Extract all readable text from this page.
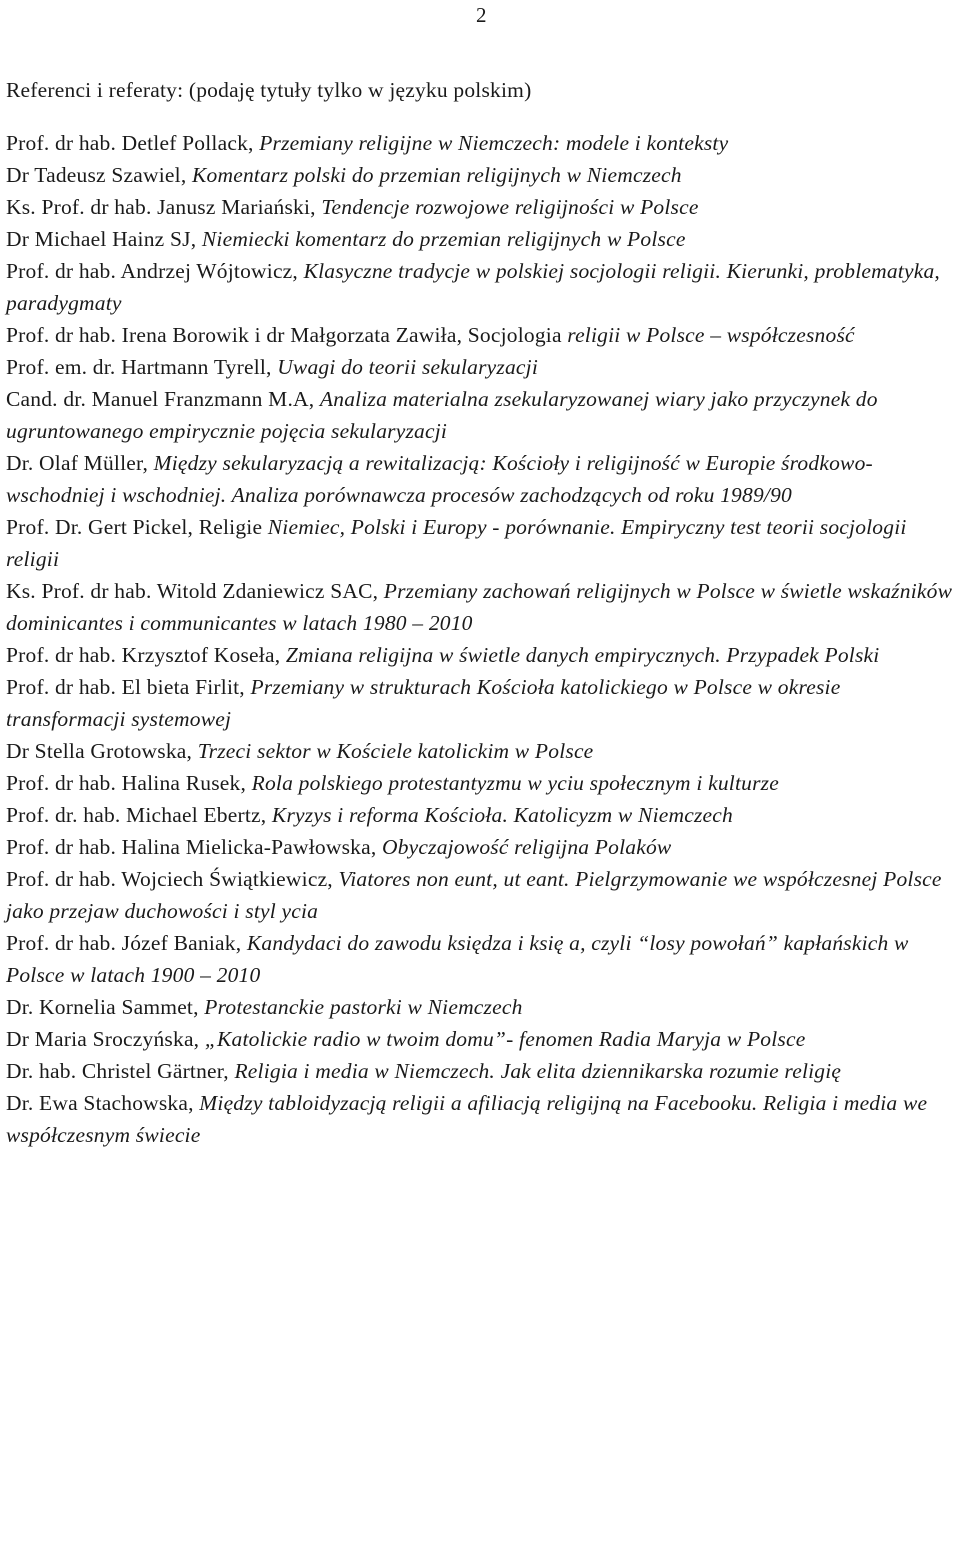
2

Referenci i referaty: (podaję tytuły tylko w języku polskim)

Prof. dr hab. Detlef Pollack, Przemiany religijne w Niemczech: modele i konteksty

Dr Tadeusz Szawiel, Komentarz polski do przemian religijnych w Niemczech

Ks. Prof. dr hab. Janusz Mariański, Tendencje rozwojowe religijności w Polsce

Dr Michael Hainz SJ, Niemiecki komentarz do przemian religijnych w Polsce

Prof. dr hab. Andrzej Wójtowicz, Klasyczne tradycje w polskiej socjologii religii. Kierunki, problematyka, paradygmaty

Prof. dr hab. Irena Borowik i dr Małgorzata Zawiła, Socjologia religii w Polsce – współczesność

Prof. em. dr. Hartmann Tyrell, Uwagi do teorii sekularyzacji

Cand. dr. Manuel Franzmann M.A, Analiza materialna zsekularyzowanej wiary jako przyczynek do ugruntowanego empirycznie pojęcia sekularyzacji

Dr. Olaf Müller, Między sekularyzacją a rewitalizacją: Kościoły i religijność w Europie środkowo-wschodniej i wschodniej. Analiza porównawcza procesów zachodzących od roku 1989/90

Prof. Dr. Gert Pickel, Religie Niemiec, Polski i Europy - porównanie. Empiryczny test teorii socjologii religii

Ks. Prof. dr hab. Witold Zdaniewicz SAC, Przemiany zachowań religijnych w Polsce w świetle wskaźników dominicantes i communicantes w latach 1980 – 2010

Prof. dr hab. Krzysztof Koseła, Zmiana religijna w świetle danych empirycznych. Przypadek Polski

Prof. dr hab. El bieta Firlit, Przemiany w strukturach Kościoła katolickiego w Polsce w okresie transformacji systemowej

Dr Stella Grotowska, Trzeci sektor w Kościele katolickim w Polsce

Prof. dr hab. Halina Rusek, Rola polskiego protestantyzmu w yciu społecznym i kulturze

Prof. dr. hab. Michael Ebertz, Kryzys i reforma Kościoła. Katolicyzm w Niemczech

Prof. dr hab. Halina Mielicka-Pawłowska, Obyczajowość religijna Polaków

Prof. dr hab. Wojciech Świątkiewicz, Viatores non eunt, ut eant. Pielgrzymowanie we współczesnej Polsce jako przejaw duchowości i styl ycia

Prof. dr hab. Józef Baniak, Kandydaci do zawodu księdza i księ a, czyli “losy powołań” kapłańskich w Polsce w latach 1900 – 2010

Dr. Kornelia Sammet, Protestanckie pastorki w Niemczech

Dr Maria Sroczyńska, „Katolickie radio w twoim domu”- fenomen Radia Maryja w Polsce

Dr. hab. Christel Gärtner, Religia i media w Niemczech. Jak elita dziennikarska rozumie religię

Dr. Ewa Stachowska, Między tabloidyzacją religii a afiliacją religijną na Facebooku. Religia i media we współczesnym świecie
